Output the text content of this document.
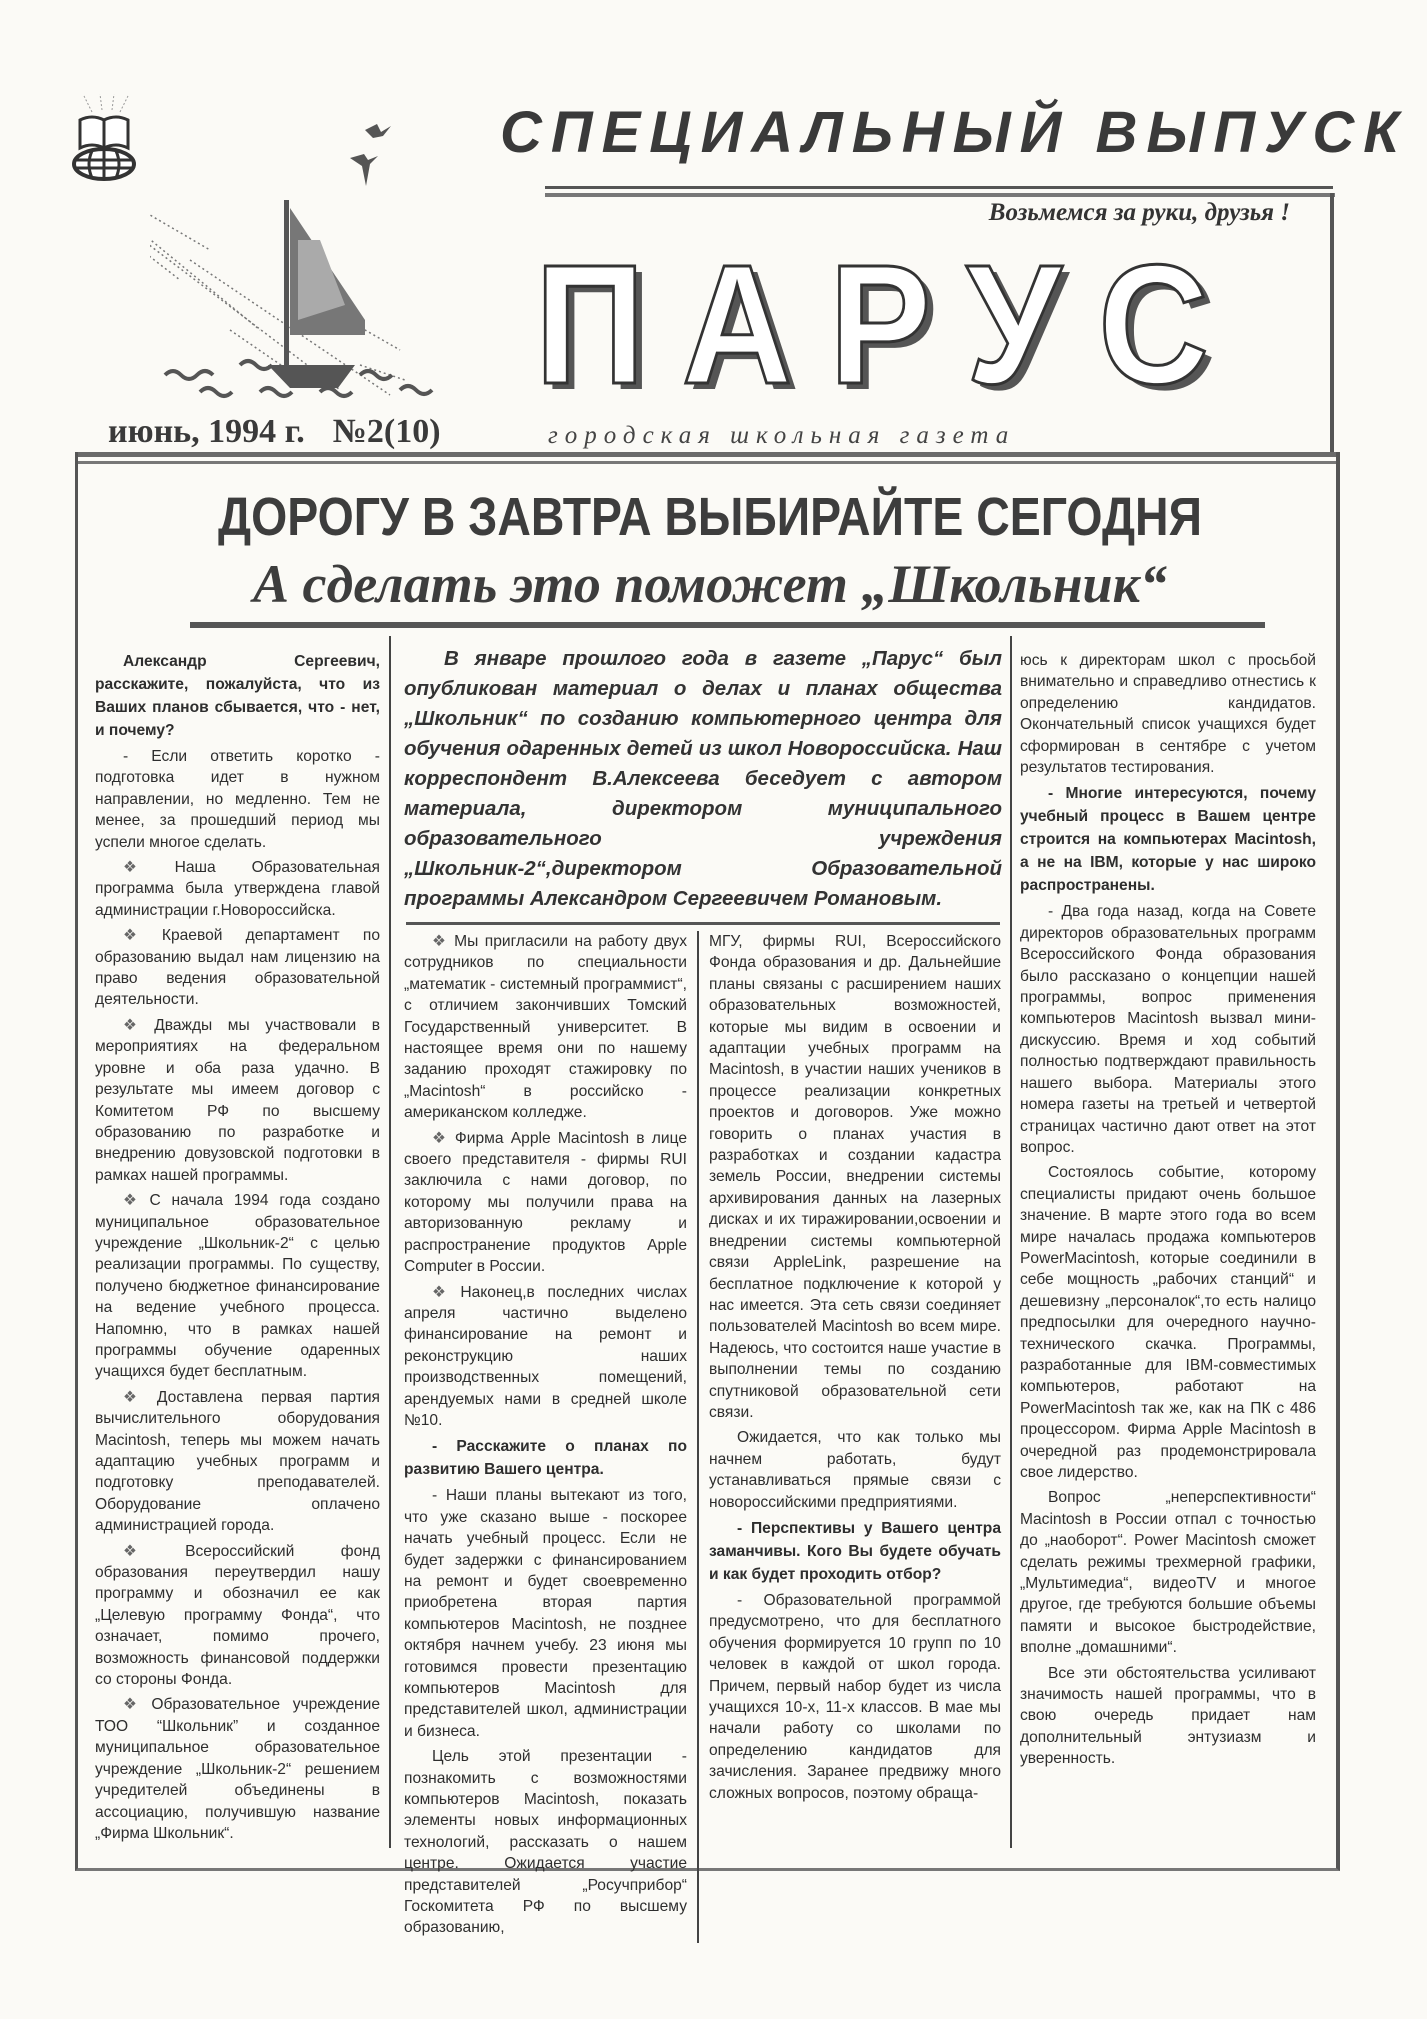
СПЕЦИАЛЬНЫЙ ВЫПУСК
Возьмемся за руки, друзья !
ПАРУС
июнь, 1994 г. №2(10)	городская школьная газета
ДОРОГУ В ЗАВТРА ВЫБИРАЙТЕ СЕГОДНЯ
А сделать это поможет „Школьник“

Александр Сергеевич, расскажите, пожалуйста, что из Ваших планов сбывается, что - нет, и почему?

- Если ответить коротко - подготовка идет в нужном направлении, но медленно. Тем не менее, за прошедший период мы успели многое сделать.

❖ Наша Образовательная программа была утверждена главой администрации г.Новороссийска.

❖ Краевой департамент по образованию выдал нам лицензию на право ведения образовательной деятельности.

❖ Дважды мы участвовали в мероприятиях на федеральном уровне и оба раза удачно. В результате мы имеем договор с Комитетом РФ по высшему образованию по разработке и внедрению довузовской подготовки в рамках нашей программы.

❖ С начала 1994 года создано муниципальное образовательное учреждение „Школьник-2“ с целью реализации программы. По существу, получено бюджетное финансирование на ведение учебного процесса. Напомню, что в рамках нашей программы обучение одаренных учащихся будет бесплатным.

❖ Доставлена первая партия вычислительного оборудования Macintosh, теперь мы можем начать адаптацию учебных программ и подготовку преподавателей. Оборудование оплачено администрацией города.

❖ Всероссийский фонд образования переутвердил нашу программу и обозначил ее как „Целевую программу Фонда“, что означает, помимо прочего, возможность финансовой поддержки со стороны Фонда.

❖ Образовательное учреждение ТОО “Школьник” и созданное муниципальное образовательное учреждение „Школьник-2“ решением учредителей объединены в ассоциацию, получившую название „Фирма Школьник“.

В январе прошлого года в газете „Парус“ был опубликован материал о делах и планах общества „Школьник“ по созданию компьютерного центра для обучения одаренных детей из школ Новороссийска. Наш корреспондент В.Алексеева беседует с автором материала, директором муниципального образовательного учреждения „Школьник-2“,директором Образовательной программы Александром Сергеевичем Романовым.

❖ Мы пригласили на работу двух сотрудников по специальности „математик - системный программист“, с отличием закончивших Томский Государственный университет. В настоящее время они по нашему заданию проходят стажировку по „Macintosh“ в российско - американском колледже.

❖ Фирма Apple Macintosh в лице своего представителя - фирмы RUI заключила с нами договор, по которому мы получили права на авторизованную рекламу и распространение продуктов Apple Computer в России.

❖ Наконец,в последних числах апреля частично выделено финансирование на ремонт и реконструкцию наших производственных помещений, арендуемых нами в средней школе №10.

- Расскажите о планах по развитию Вашего центра.

- Наши планы вытекают из того, что уже сказано выше - поскорее начать учебный процесс. Если не будет задержки с финансированием на ремонт и будет своевременно приобретена вторая партия компьютеров Macintosh, не позднее октября начнем учебу. 23 июня мы готовимся провести презентацию компьютеров Macintosh для представителей школ, администрации и бизнеса.

Цель этой презентации - познакомить с возможностями компьютеров Macintosh, показать элементы новых информационных технологий, рассказать о нашем центре. Ожидается участие представителей „Росучприбор“ Госкомитета РФ по высшему образованию,

МГУ, фирмы RUI, Всероссийского Фонда образования и др. Дальнейшие планы связаны с расширением наших образовательных возможностей, которые мы видим в освоении и адаптации учебных программ на Macintosh, в участии наших учеников в процессе реализации конкретных проектов и договоров. Уже можно говорить о планах участия в разработках и создании кадастра земель России, внедрении системы архивирования данных на лазерных дисках и их тиражировании,освоении и внедрении системы компьютерной связи AppleLink, разрешение на бесплатное подключение к которой у нас имеется. Эта сеть связи соединяет пользователей Macintosh во всем мире. Надеюсь, что состоится наше участие в выполнении темы по созданию спутниковой образовательной сети связи.

Ожидается, что как только мы начнем работать, будут устанавливаться прямые связи с новороссийскими предприятиями.

- Перспективы у Вашего центра заманчивы. Кого Вы будете обучать и как будет проходить отбор?

- Образовательной программой предусмотрено, что для бесплатного обучения формируется 10 групп по 10 человек в каждой от школ города. Причем, первый набор будет из числа учащихся 10-х, 11-х классов. В мае мы начали работу со школами по определению кандидатов для зачисления. Заранее предвижу много сложных вопросов, поэтому обраща-

юсь к директорам школ с просьбой внимательно и справедливо отнестись к определению кандидатов. Окончательный список учащихся будет сформирован в сентябре с учетом результатов тестирования.

- Многие интересуются, почему учебный процесс в Вашем центре строится на компьютерах Macintosh, а не на IBM, которые у нас широко распространены.

- Два года назад, когда на Совете директоров образовательных программ Всероссийского Фонда образования было рассказано о концепции нашей программы, вопрос применения компьютеров Macintosh вызвал мини-дискуссию. Время и ход событий полностью подтверждают правильность нашего выбора. Материалы этого номера газеты на третьей и четвертой страницах частично дают ответ на этот вопрос.

Состоялось событие, которому специалисты придают очень большое значение. В марте этого года во всем мире началась продажа компьютеров PowerMacintosh, которые соединили в себе мощность „рабочих станций“ и дешевизну „персоналок“,то есть налицо предпосылки для очередного научно-технического скачка. Программы, разработанные для IBM-совместимых компьютеров, работают на PowerMacintosh так же, как на ПК с 486 процессором. Фирма Apple Macintosh в очередной раз продемонстрировала свое лидерство.

Вопрос „неперспективности“ Macintosh в России отпал с точностью до „наоборот“. Power Macintosh сможет сделать режимы трехмерной графики, „Мультимедиа“, видеоTV и многое другое, где требуются большие объемы памяти и высокое быстродействие, вполне „домашними“.

Все эти обстоятельства усиливают значимость нашей программы, что в свою очередь придает нам дополнительный энтузиазм и уверенность.
